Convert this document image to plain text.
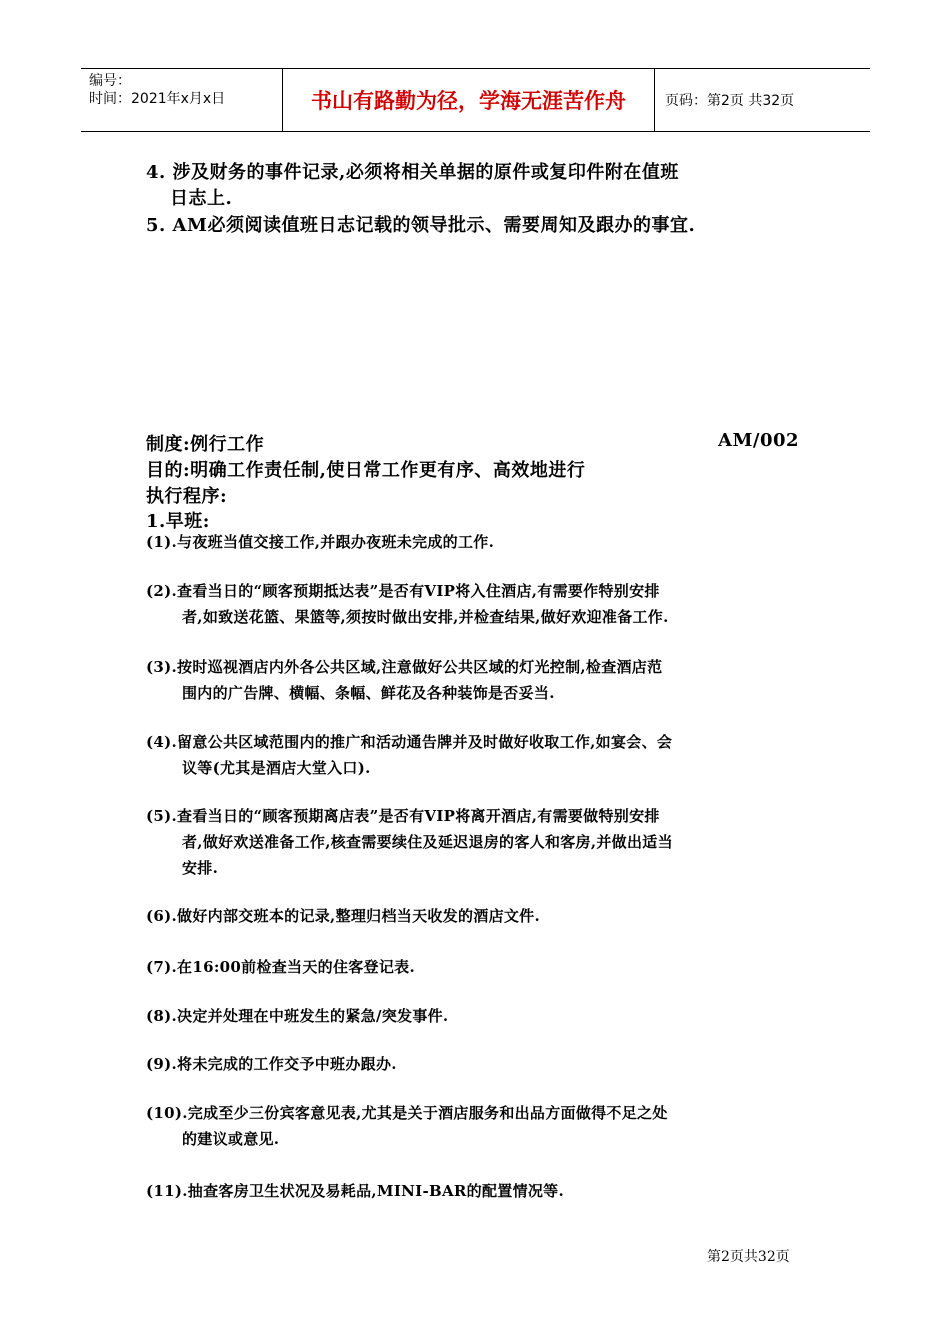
编号：
时间：2021年x月x日	书山有路勤为径，学海无涯苦作舟	页码：第2页 共32页
4. 涉及财务的事件记录,必须将相关单据的原件或复印件附在值班
日志上.
5. AM必须阅读值班日志记载的领导批示、需要周知及跟办的事宜.
制度:例行工作	AM/002
目的:明确工作责任制,使日常工作更有序、高效地进行
执行程序:
1.早班:
(1).与夜班当值交接工作,并跟办夜班未完成的工作.
(2).查看当日的“顾客预期抵达表”是否有VIP将入住酒店,有需要作特别安排
者,如致送花篮、果篮等,须按时做出安排,并检查结果,做好欢迎准备工作.
(3).按时巡视酒店内外各公共区域,注意做好公共区域的灯光控制,检查酒店范
围内的广告牌、横幅、条幅、鲜花及各种装饰是否妥当.
(4).留意公共区域范围内的推广和活动通告牌并及时做好收取工作,如宴会、会
议等(尤其是酒店大堂入口).
(5).查看当日的“顾客预期离店表”是否有VIP将离开酒店,有需要做特别安排
者,做好欢送准备工作,核查需要续住及延迟退房的客人和客房,并做出适当
安排.
(6).做好内部交班本的记录,整理归档当天收发的酒店文件.
(7).在16:00前检查当天的住客登记表.
(8).决定并处理在中班发生的紧急/突发事件.
(9).将未完成的工作交予中班办跟办.
(10).完成至少三份宾客意见表,尤其是关于酒店服务和出品方面做得不足之处
的建议或意见.
(11).抽查客房卫生状况及易耗品,MINI-BAR的配置情况等.
第2页共32页
